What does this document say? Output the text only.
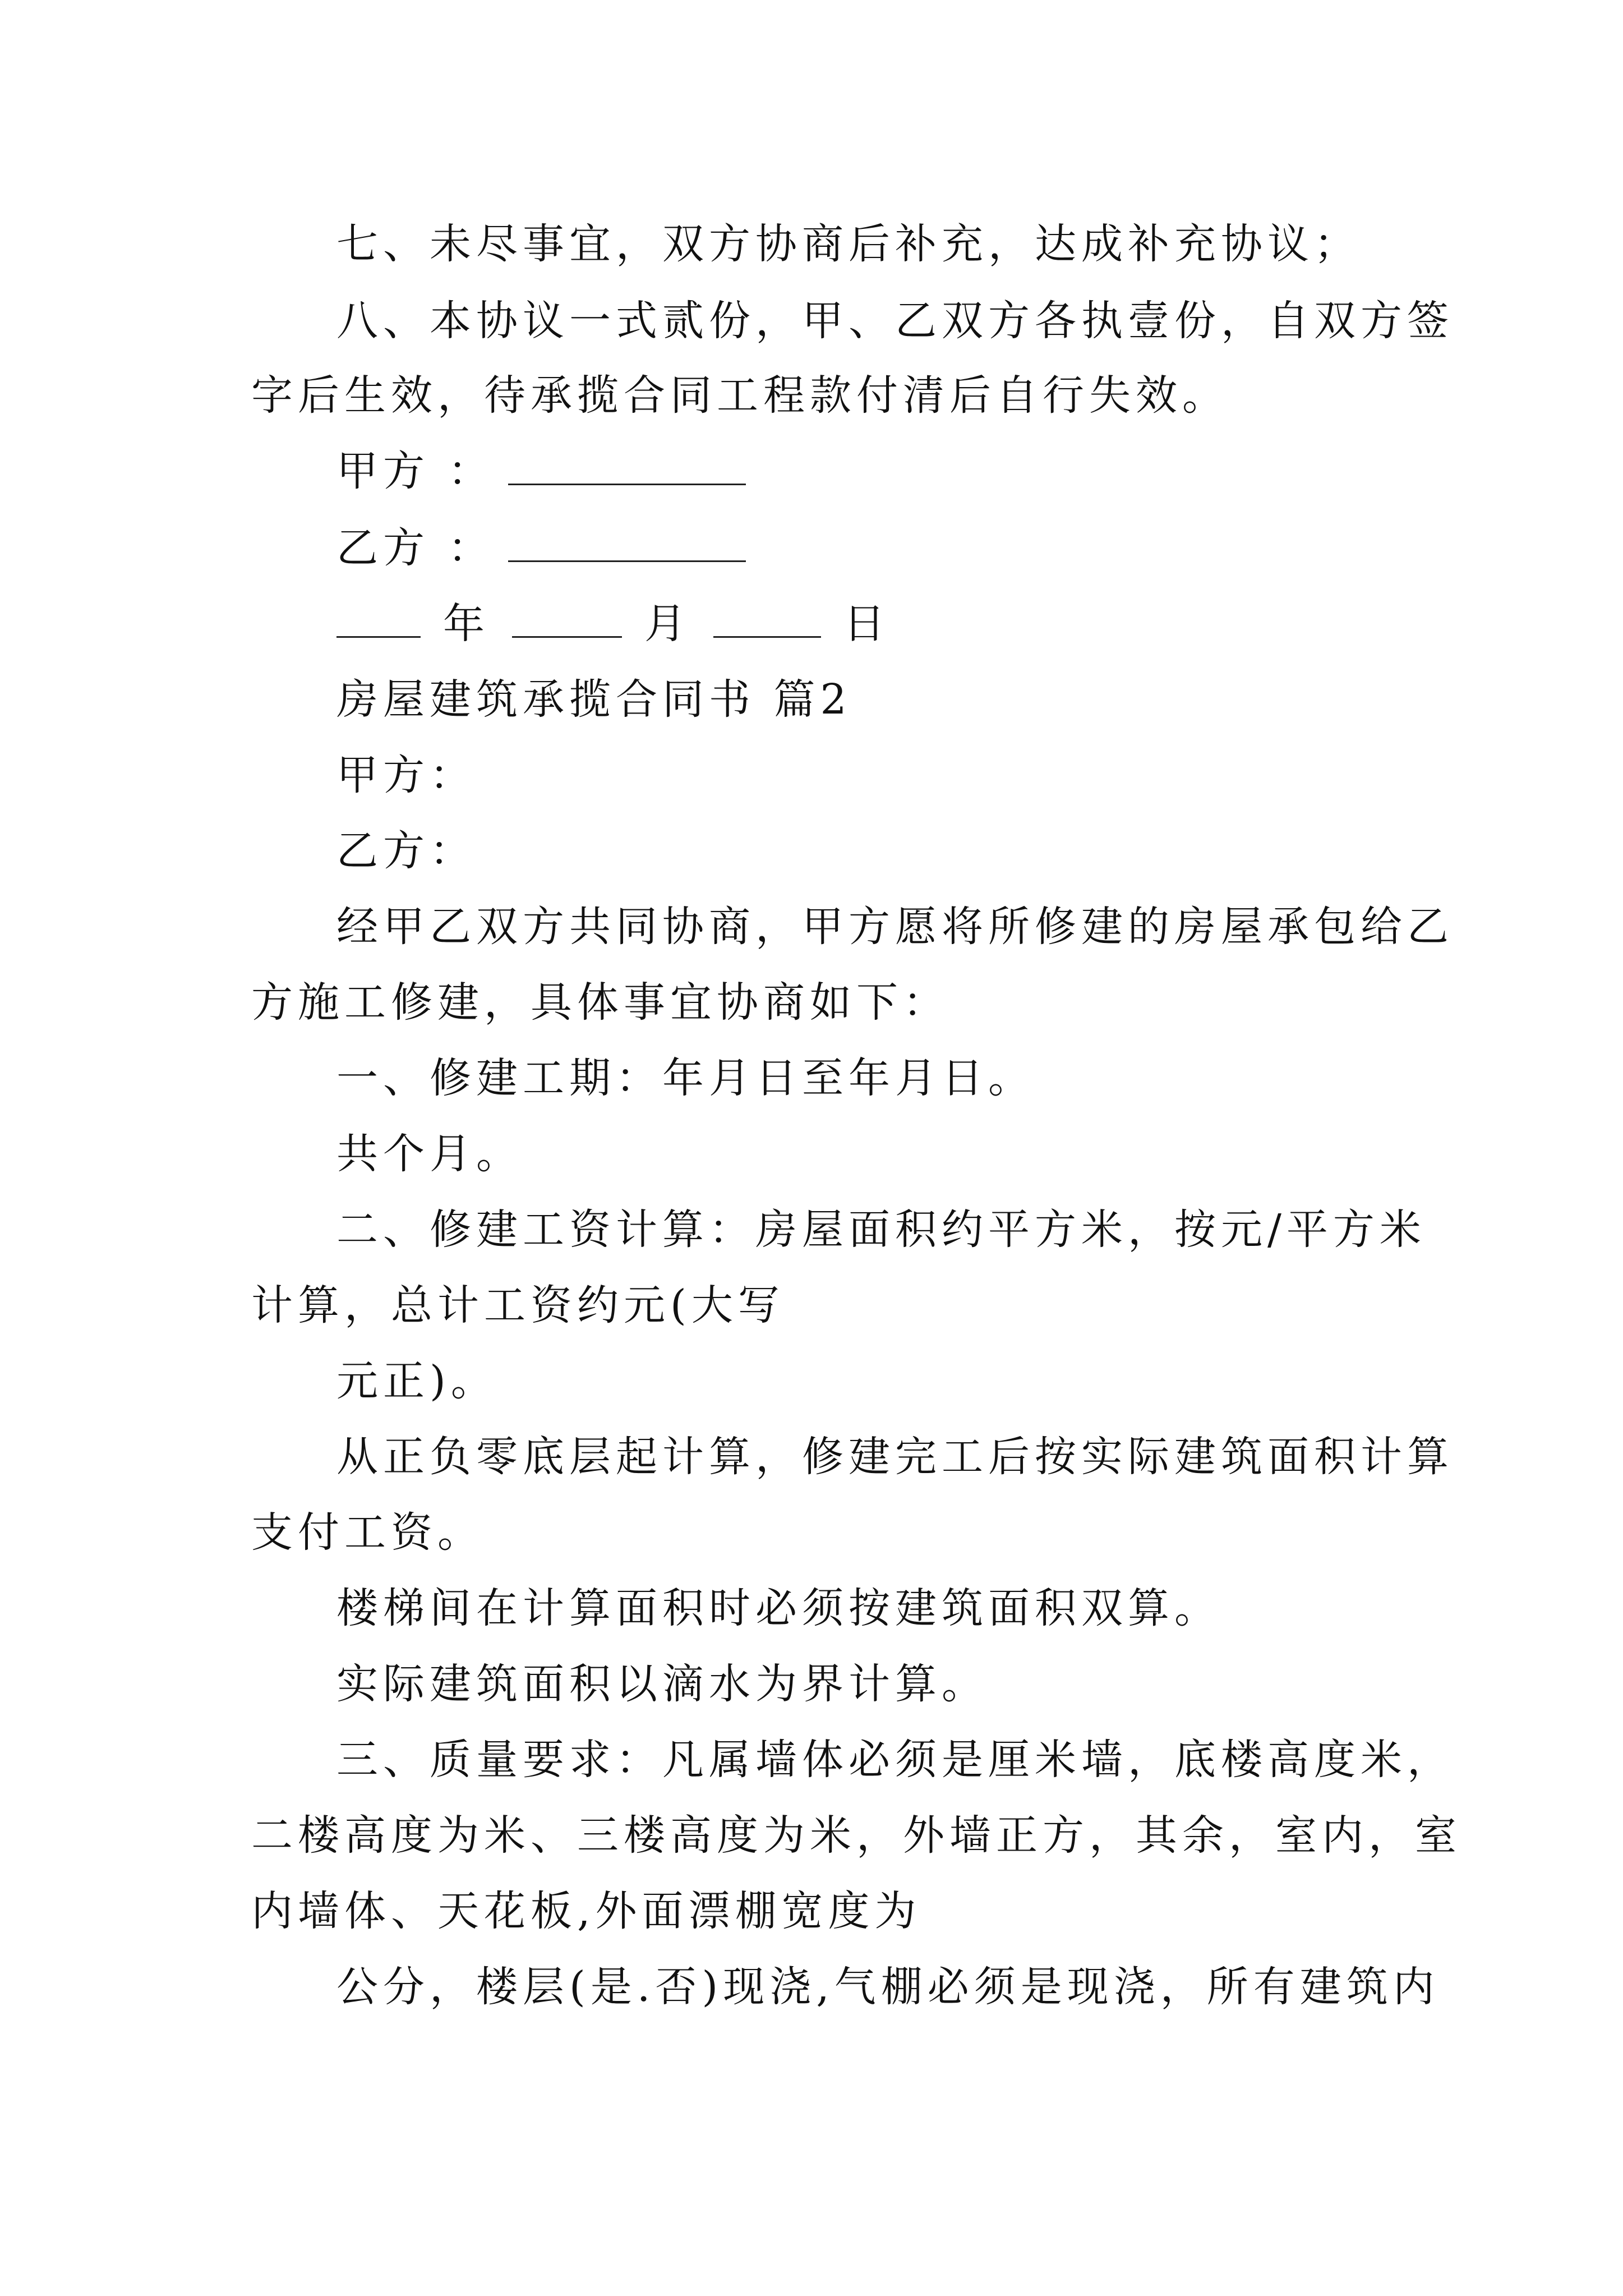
七、未尽事宜，双方协商后补充，达成补充协议；
八、本协议一式贰份，甲、乙双方各执壹份，自双方签
字后生效，待承揽合同工程款付清后自行失效。
甲方 ：
乙方 ：
年	月	日
房屋建筑承揽合同书 篇2
甲方：
乙方：
经甲乙双方共同协商，甲方愿将所修建的房屋承包给乙
方施工修建，具体事宜协商如下：
一、修建工期：年月日至年月日。
共个月。
二、修建工资计算：房屋面积约平方米，按元/平方米
计算，总计工资约元(大写
元正)。
从正负零底层起计算，修建完工后按实际建筑面积计算
支付工资。
楼梯间在计算面积时必须按建筑面积双算。
实际建筑面积以滴水为界计算。
三、质量要求：凡属墙体必须是厘米墙，底楼高度米，
二楼高度为米、三楼高度为米，外墙正方，其余，室内，室
内墙体、天花板,外面漂棚宽度为
公分，楼层(是.否)现浇,气棚必须是现浇，所有建筑内
